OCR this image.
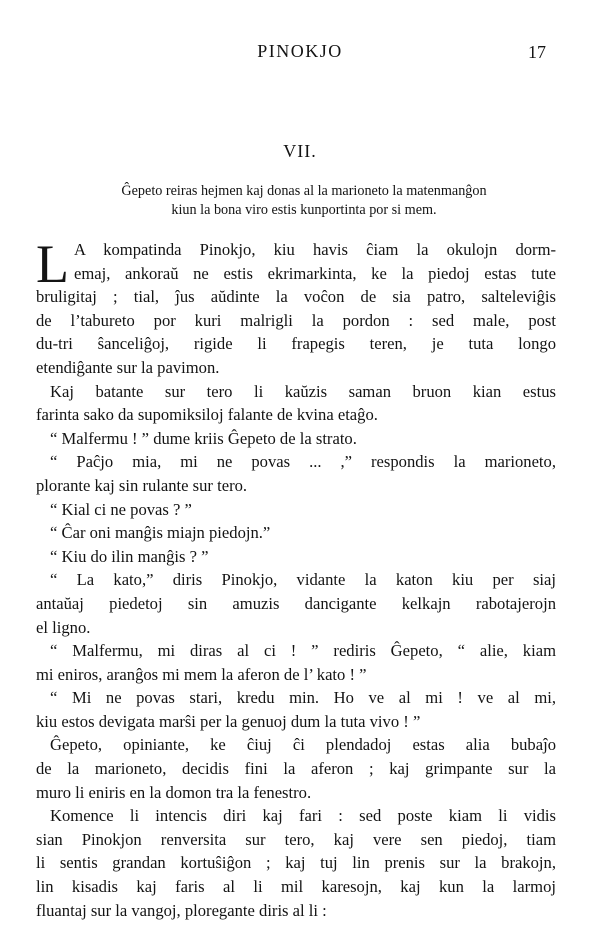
PINOKJO	17
VII.

Ĝepeto reiras hejmen kaj donas al la marioneto la matenmanĝon

kiun la bona viro estis kunportinta por si mem.

L A kompatinda Pinokjo, kiu havis ĉiam la okulojn dorm-
emaj, ankoraŭ ne estis ekrimarkinta, ke la piedoj estas tute
bruligitaj ; tial, ĵus aŭdinte la voĉon de sia patro, salteleviĝis
de l’tabureto por kuri malrigli la pordon : sed male, post
du-tri ŝanceliĝoj, rigide li frapegis teren, je tuta longo
etendiĝante sur la pavimon.
Kaj batante sur tero li kaŭzis saman bruon kian estus
farinta sako da supomiksiloj falante de kvina etaĝo.
“ Malfermu ! ” dume kriis Ĝepeto de la strato.
“ Paĉjo mia, mi ne povas ... ,” respondis la marioneto,
plorante kaj sin rulante sur tero.
“ Kial ci ne povas ? ”
“ Ĉar oni manĝis miajn piedojn.”
“ Kiu do ilin manĝis ? ”
“ La kato,” diris Pinokjo, vidante la katon kiu per siaj
antaŭaj piedetoj sin amuzis dancigante kelkajn rabotajerojn
el ligno.
“ Malfermu, mi diras al ci ! ” rediris Ĝepeto, “ alie, kiam
mi eniros, aranĝos mi mem la aferon de l’ kato ! ”
“ Mi ne povas stari, kredu min. Ho ve al mi ! ve al mi,
kiu estos devigata marŝi per la genuoj dum la tuta vivo ! ”
Ĝepeto, opiniante, ke ĉiuj ĉi plendadoj estas alia bubaĵo
de la marioneto, decidis fini la aferon ; kaj grimpante sur la
muro li eniris en la domon tra la fenestro.
Komence li intencis diri kaj fari : sed poste kiam li vidis
sian Pinokjon renversita sur tero, kaj vere sen piedoj, tiam
li sentis grandan kortuŝiĝon ; kaj tuj lin prenis sur la brakojn,
lin kisadis kaj faris al li mil karesojn, kaj kun la larmoj
fluantaj sur la vangoj, ploregante diris al li :
